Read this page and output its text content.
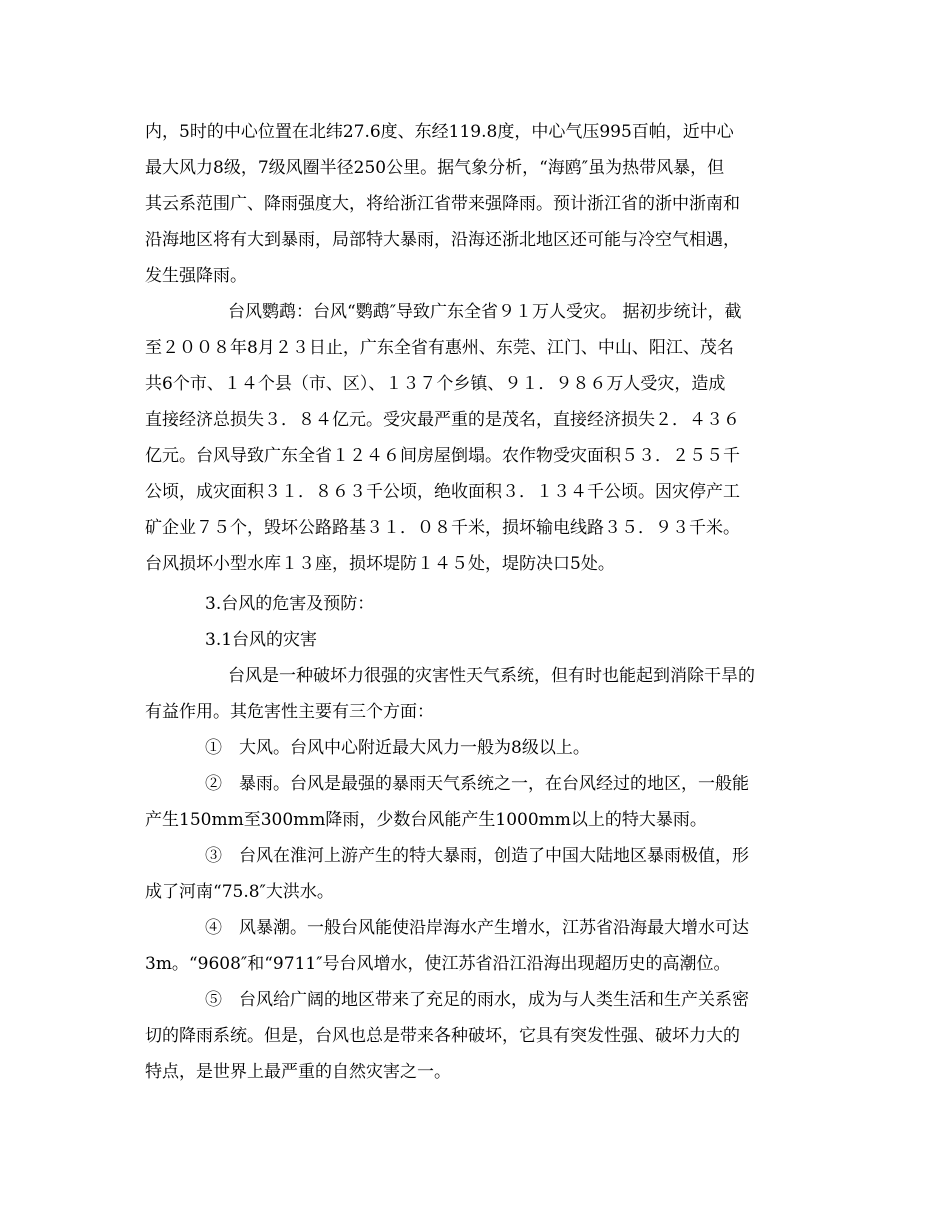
内，5时的中心位置在北纬27.6度、东经119.8度，中心气压995百帕，近中心
最大风力8级，7级风圈半径250公里。据气象分析，“海鸥″虽为热带风暴，但
其云系范围广、降雨强度大，将给浙江省带来强降雨。预计浙江省的浙中浙南和
沿海地区将有大到暴雨，局部特大暴雨，沿海还浙北地区还可能与冷空气相遇，
发生强降雨。
台风鹦鹉：台风“鹦鹉″导致广东全省９１万人受灾。 据初步统计，截
至２００８年8月２３日止，广东全省有惠州、东莞、江门、中山、阳江、茂名
共6个市、１４个县（市、区）、１３７个乡镇、９１．９８６万人受灾，造成
直接经济总损失３．８４亿元。受灾最严重的是茂名，直接经济损失２．４３６
亿元。台风导致广东全省１２４６间房屋倒塌。农作物受灾面积５３．２５５千
公顷，成灾面积３１．８６３千公顷，绝收面积３．１３４千公顷。因灾停产工
矿企业７５个，毁坏公路路基３１．０８千米，损坏输电线路３５．９３千米。
台风损坏小型水库１３座，损坏堤防１４５处，堤防决口5处。
3.台风的危害及预防：
3.1台风的灾害
台风是一种破坏力很强的灾害性天气系统，但有时也能起到消除干旱的
有益作用。其危害性主要有三个方面：
①　大风。台风中心附近最大风力一般为8级以上。
②　暴雨。台风是最强的暴雨天气系统之一，在台风经过的地区，一般能
产生150mm至300mm降雨，少数台风能产生1000mm以上的特大暴雨。
③　台风在淮河上游产生的特大暴雨，创造了中国大陆地区暴雨极值，形
成了河南“75.8″大洪水。
④　风暴潮。一般台风能使沿岸海水产生增水，江苏省沿海最大增水可达
3m。“9608″和“9711″号台风增水，使江苏省沿江沿海出现超历史的高潮位。
⑤　台风给广阔的地区带来了充足的雨水，成为与人类生活和生产关系密
切的降雨系统。但是，台风也总是带来各种破坏，它具有突发性强、破坏力大的
特点，是世界上最严重的自然灾害之一。
